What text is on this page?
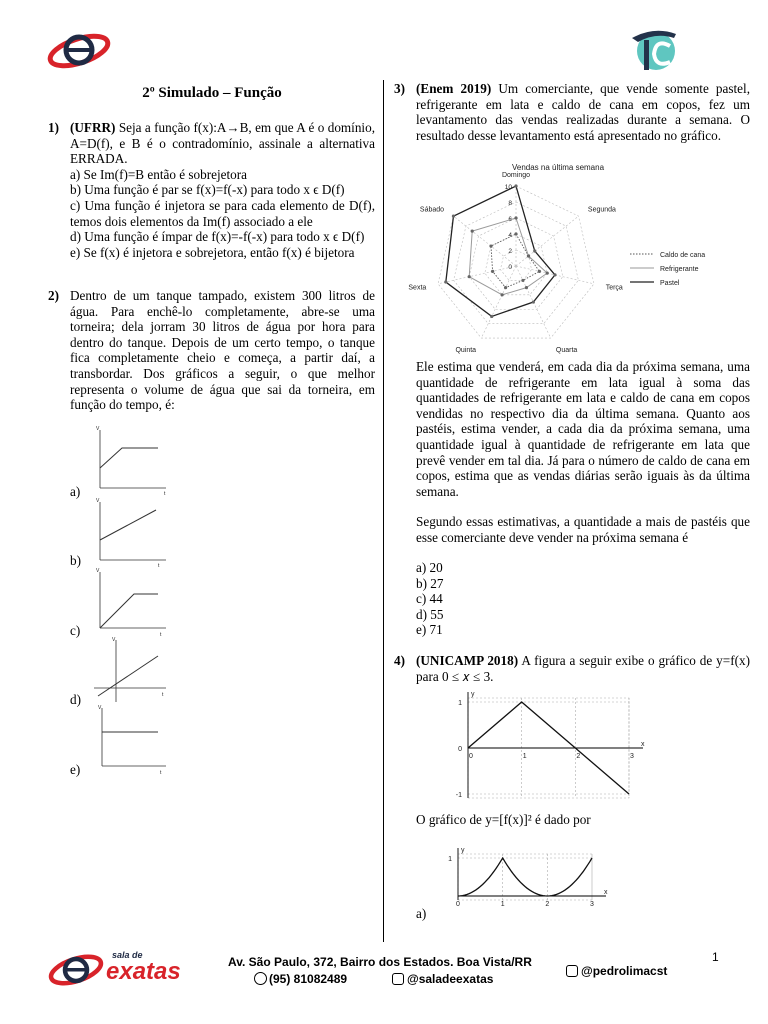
2º Simulado – Função
1) (UFRR) Seja a função f(x):A→B, em que A é o domínio, A=D(f), e B é o contradomínio, assinale a alternativa ERRADA.
a) Se Im(f)=B então é sobrejetora
b) Uma função é par se f(x)=f(-x) para todo x ϵ D(f)
c) Uma função é injetora se para cada elemento de D(f), temos dois elementos da Im(f) associado a ele
d) Uma função é ímpar de f(x)=-f(-x) para todo x ϵ D(f)
e) Se f(x) é injetora e sobrejetora, então f(x) é bijetora
2) Dentro de um tanque tampado, existem 300 litros de água. Para enchê-lo completamente, abre-se uma torneira; dela jorram 30 litros de água por hora para dentro do tanque. Depois de um certo tempo, o tanque fica completamente cheio e começa, a partir daí, a transbordar. Dos gráficos a seguir, o que melhor representa o volume de água que sai da torneira, em função do tempo, é:
a)
V
t
b)
V
t
c)
V
t
d)
V
t
e)
V
t
3) (Enem 2019) Um comerciante, que vende somente pastel, refrigerante em lata e caldo de cana em copos, fez um levantamento das vendas realizadas durante a semana. O resultado desse levantamento está apresentado no gráfico.
Vendas na última semana
0
2
4
6
8
10
Domingo
Segunda
Terça
Quarta
Quinta
Sexta
Sábado
Caldo de cana
Refrigerante
Pastel
Ele estima que venderá, em cada dia da próxima semana, uma quantidade de refrigerante em lata igual à soma das quantidades de refrigerante em lata e caldo de cana em copos vendidas no respectivo dia da última semana. Quanto aos pastéis, estima vender, a cada dia da próxima semana, uma quantidade igual à quantidade de refrigerante em lata que prevê vender em tal dia. Já para o número de caldo de cana em copos, estima que as vendas diárias serão iguais às da última semana.
Segundo essas estimativas, a quantidade a mais de pastéis que esse comerciante deve vender na próxima semana é
a) 20
b) 27
c) 44
d) 55
e) 71
4) (UNICAMP 2018) A figura a seguir exibe o gráfico de y=f(x) para 0 ≤ 𝑥 ≤ 3.
1
0
-1
y
x
0	1	2	3
O gráfico de y=[f(x)]² é dado por
1
y
x
0	1	2	3
a)
sala de
exatas	Av. São Paulo, 372, Bairro dos Estados. Boa Vista/RR
(95) 81082489	@saladeexatas
@pedrolimacst
1
